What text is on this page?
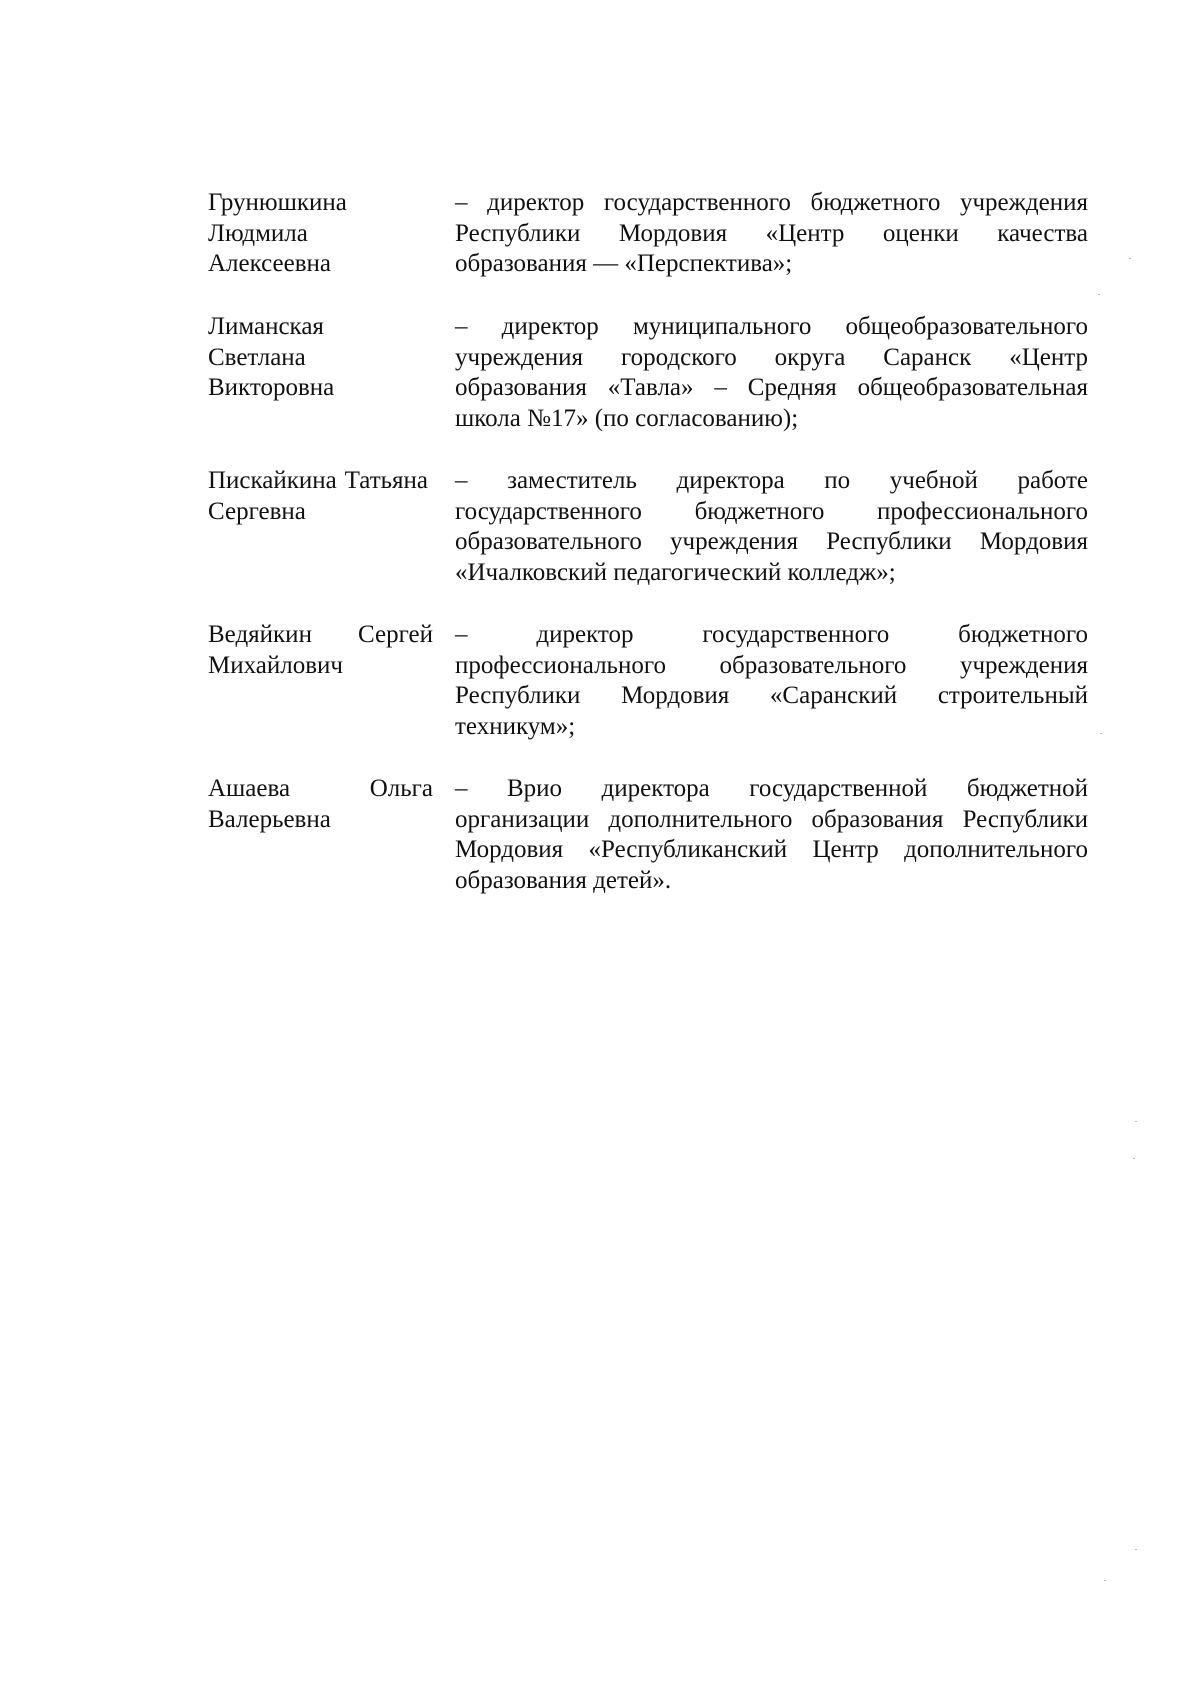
Грунюшкина Людмила Алексеевна
– директор государственного бюджетного учреждения Республики Мордовия «Центр оценки качества образования — «Перспектива»;
Лиманская Светлана Викторовна
– директор муниципального общеобразовательного учреждения городского округа Саранск «Центр образования «Тавла» – Средняя общеобразовательная школа №17» (по согласованию);
Пискайкина Татьяна Сергевна
– заместитель директора по учебной работе государственного бюджетного профессионального образовательного учреждения Республики Мордовия «Ичалковский педагогический колледж»;
Ведяйкин Сергей Михайлович
– директор государственного бюджетного профессионального образовательного учреждения Республики Мордовия «Саранский строительный техникум»;
Ашаева Ольга Валерьевна
– Врио директора государственной бюджетной организации дополнительного образования Республики Мордовия «Республиканский Центр дополнительного образования детей».
